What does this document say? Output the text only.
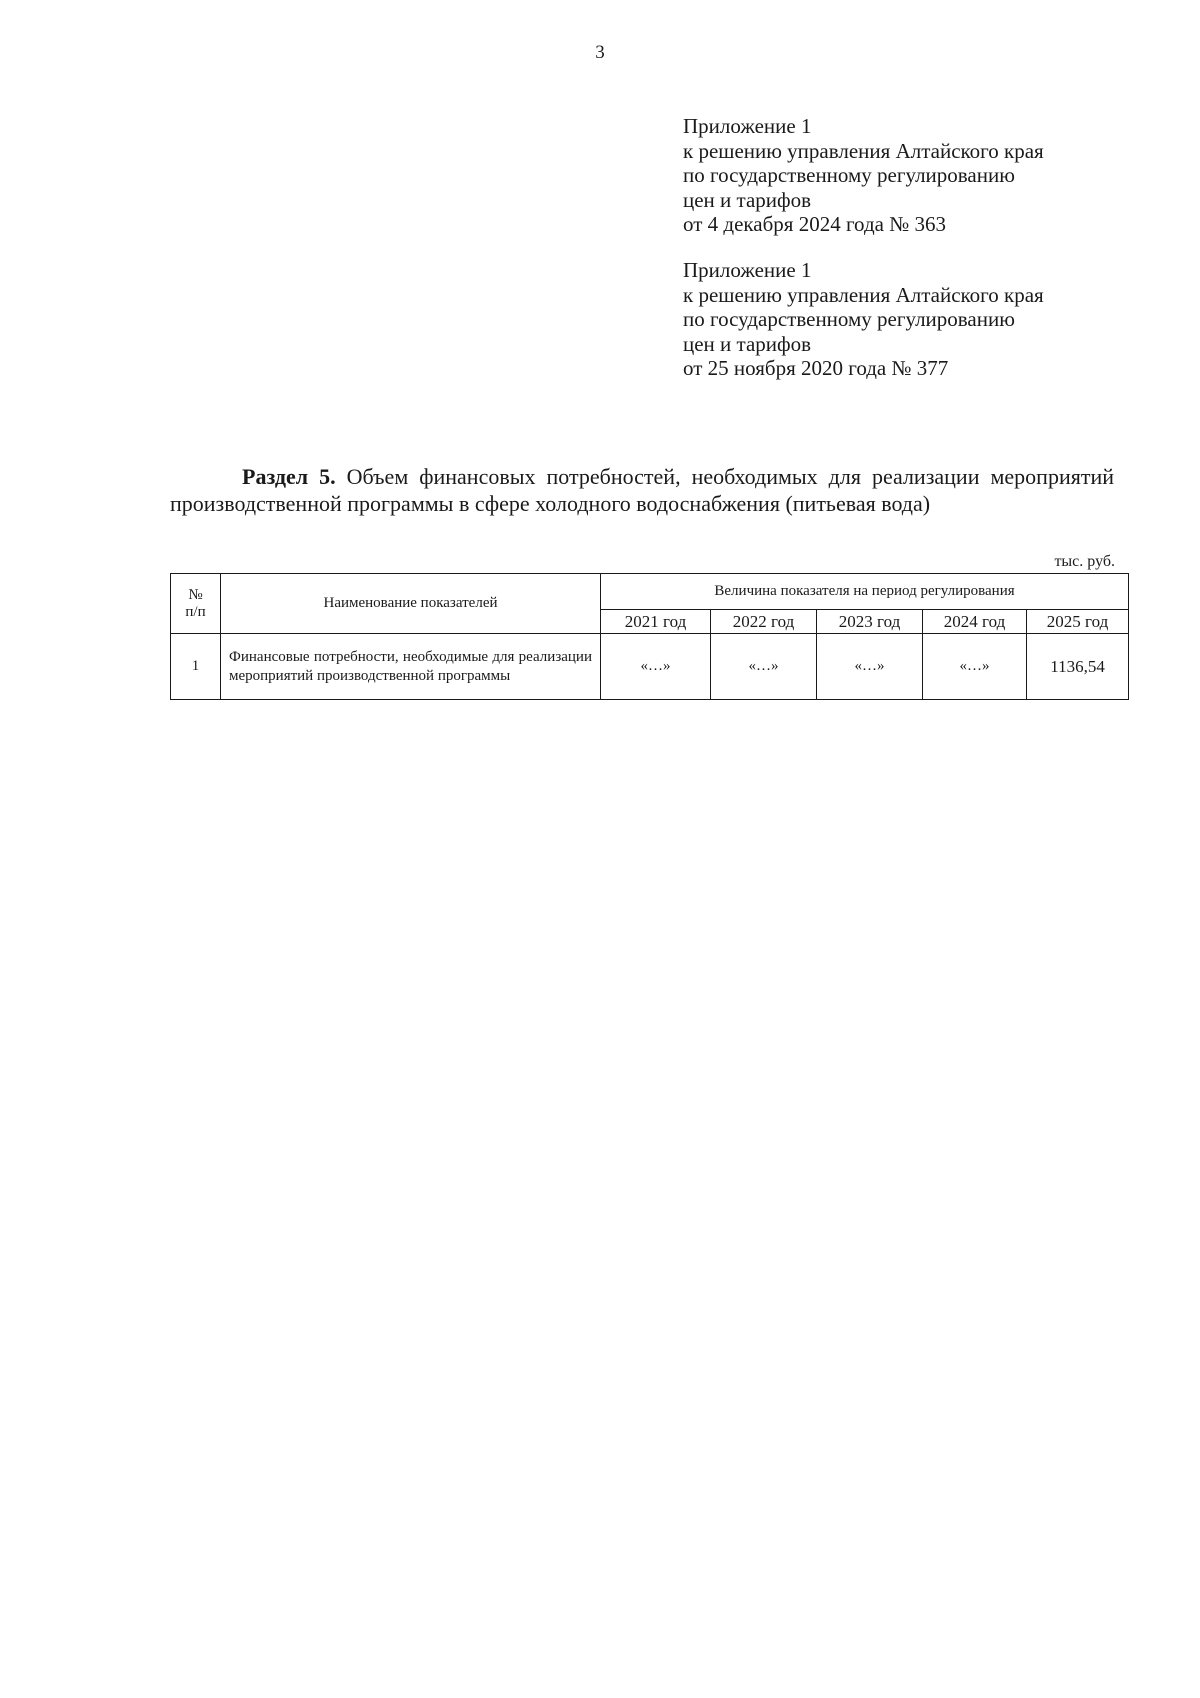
3
Приложение 1
к решению управления Алтайского края
по государственному регулированию
цен и тарифов
от 4 декабря 2024 года № 363
Приложение 1
к решению управления Алтайского края
по государственному регулированию
цен и тарифов
от 25 ноября 2020 года № 377
Раздел 5. Объем финансовых потребностей, необходимых для реализации мероприятий производственной программы в сфере холодного водоснабжения (питьевая вода)
тыс. руб.
№
п/п	Наименование показателей	Величина показателя на период регулирования				
		2021 год	2022 год	2023 год	2024 год	2025 год
1	Финансовые потребности, необходимые для реализации мероприятий производственной программы	«…»	«…»	«…»	«…»	1136,54
